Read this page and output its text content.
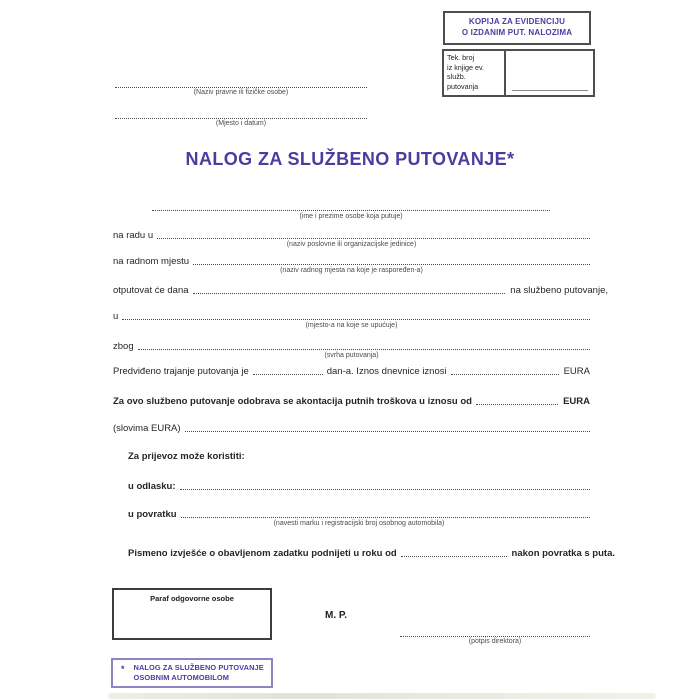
KOPIJA ZA EVIDENCIJU
O IZDANIM PUT. NALOZIMA
Tek. broj
iz knjige ev.
služb.
putovanja
(Naziv pravne ili fizičke osobe)
(Mjesto i datum)
NALOG ZA SLUŽBENO PUTOVANJE*
(ime i prezime osobe koja putuje)
na radu u
(naziv poslovne ili organizacijske jedinice)
na radnom mjestu
(naziv radnog mjesta na koje je raspoređen-a)
otputovat će dana	na službeno putovanje,
u
(mjesto-a na koje se upućuje)
zbog
(svrha putovanja)
Predviđeno trajanje putovanja je	dan-a. Iznos dnevnice iznosi	EURA
Za ovo službeno putovanje odobrava se akontacija putnih troškova u iznosu od	EURA
(slovima EURA)
Za prijevoz može koristiti:
u odlasku:
u povratku
(navesti marku i registracijski broj osobnog automobila)
Pismeno izvješće o obavljenom zadatku podnijeti u roku od	nakon povratka s puta.
Paraf odgovorne osobe
M. P.
(potpis direktora)
* NALOG ZA SLUŽBENO PUTOVANJE
OSOBNIM AUTOMOBILOM
